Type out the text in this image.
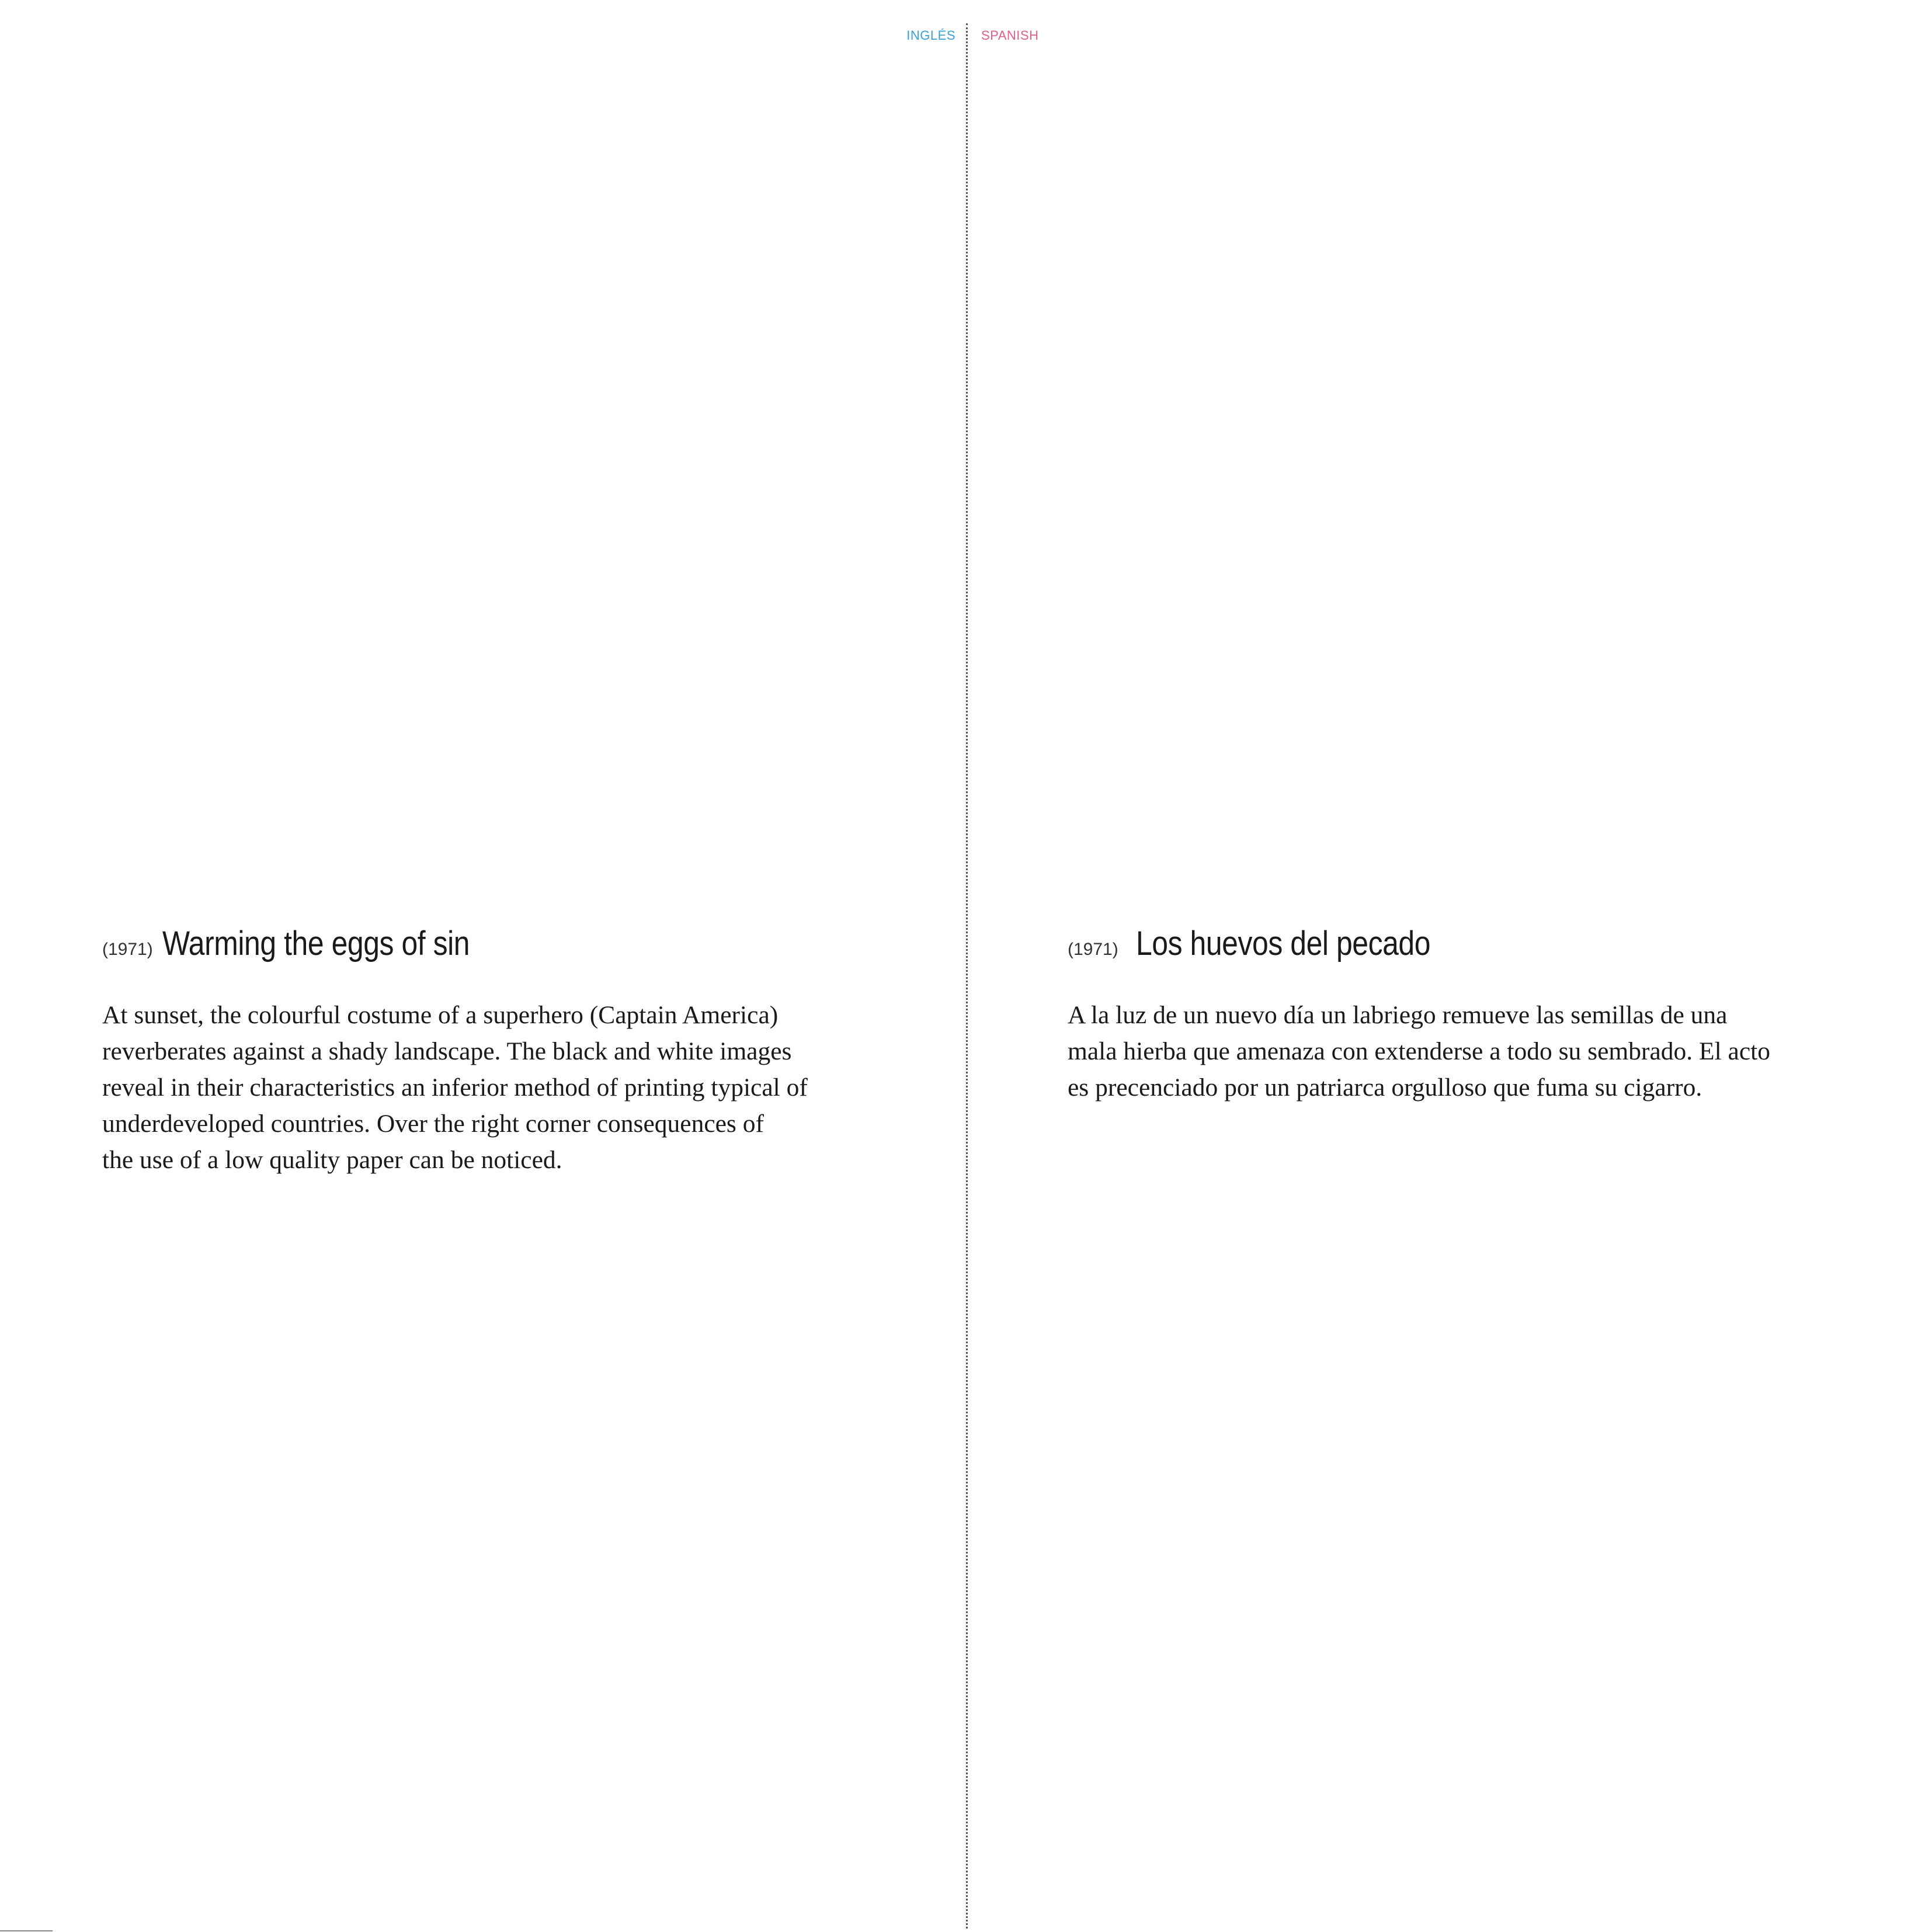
INGLÉS SPANISH
(1971) Warming the eggs of sin
At sunset, the colourful costume of a superhero (Captain America)
reverberates against a shady landscape. The black and white images
reveal in their characteristics an inferior method of printing typical of
underdeveloped countries. Over the right corner consequences of
the use of a low quality paper can be noticed.
(1971) Los huevos del pecado
A la luz de un nuevo día un labriego remueve las semillas de una
mala hierba que amenaza con extenderse a todo su sembrado. El acto
es precenciado por un patriarca orgulloso que fuma su cigarro.
